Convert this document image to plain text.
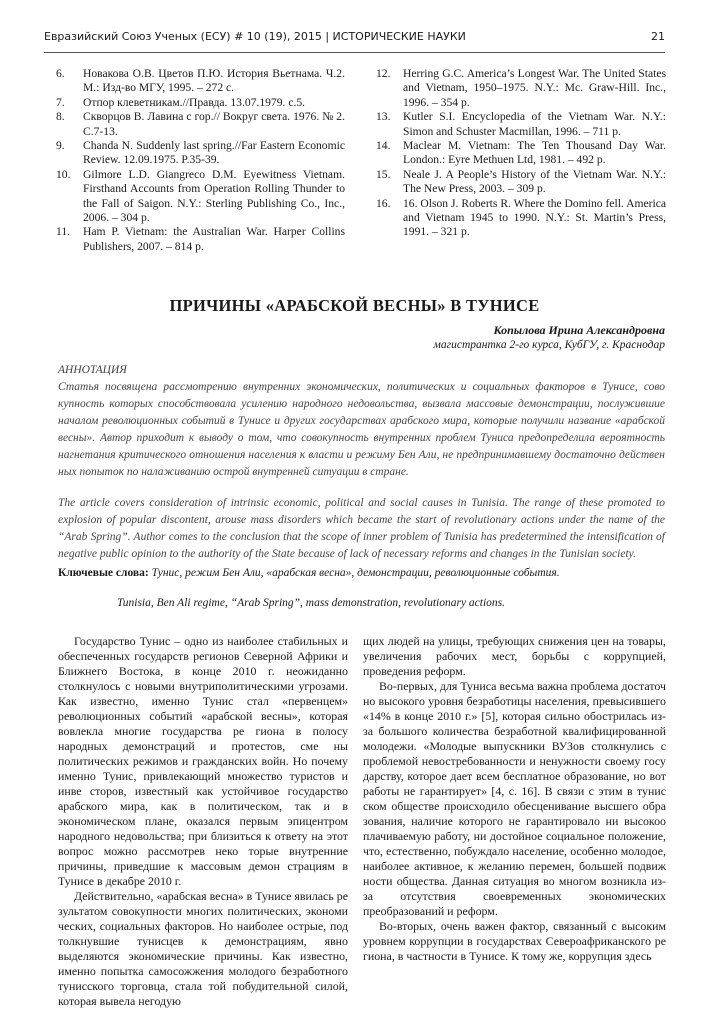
Евразийский Союз Ученых (ЕСУ) # 10 (19), 2015 | ИСТОРИЧЕСКИЕ НАУКИ	21
6.	Новакова О.В. Цветов П.Ю. История Вьетнама. Ч.2. М.: Изд-во МГУ, 1995. – 272 с.
7.	Отпор клеветникам.//Правда. 13.07.1979. с.5.
8.	Скворцов В. Лавина с гор.// Вокруг света. 1976. № 2. С.7-13.
9.	Chanda N. Suddenly last spring.//Far Eastern Economic Review. 12.09.1975. P.35-39.
10.	Gilmore L.D. Giangreco D.M. Eyewitness Vietnam. Firsthand Accounts from Operation Rolling Thunder to the Fall of Saigon. N.Y.: Sterling Publishing Co., Inc., 2006. – 304 p.
11.	Ham P. Vietnam: the Australian War. Harper Collins Publishers, 2007. – 814 p.
12.	Herring G.C. America’s Longest War. The United States and Vietnam, 1950–1975. N.Y.: Mc. Graw-Hill. Inc., 1996. – 354 p.
13.	Kutler S.I. Encyclopedia of the Vietnam War. N.Y.: Simon and Schuster Macmillan, 1996. – 711 p.
14.	Maclear M. Vietnam: The Ten Thousand Day War. London.: Eyre Methuen Ltd, 1981. – 492 p.
15.	Neale J. A People’s History of the Vietnam War. N.Y.: The New Press, 2003. – 309 p.
16.	16. Olson J. Roberts R. Where the Domino fell. America and Vietnam 1945 to 1990. N.Y.: St. Martin’s Press, 1991. – 321 p.
ПРИЧИНЫ «АРАБСКОЙ ВЕСНЫ» В ТУНИСЕ
Копылова Ирина Александровна
магистрантка 2-го курса, КубГУ, г. Краснодар
АННОТАЦИЯ
Статья посвящена рассмотрению внутренних экономических, политических и социальных факторов в Тунисе, сово купность которых способствовала усилению народного недовольства, вызвала массовые демонстрации, послужившие началом революционных событий в Тунисе и других государствах арабского мира, которые получили название «арабской весны». Автор приходит к выводу о том, что совокупность внутренних проблем Туниса предопределила вероятность нагнетания критического отношения населения к власти и режиму Бен Али, не предпринимавшему достаточно действен ных попыток по налаживанию острой внутренней ситуации в стране.
The article covers consideration of intrinsic economic, political and social causes in Tunisia. The range of these promoted to explosion of popular discontent, arouse mass disorders which became the start of revolutionary actions under the name of the “Arab Spring”. Author comes to the conclusion that the scope of inner problem of Tunisia has predetermined the intensification of negative public opinion to the authority of the State because of lack of necessary reforms and changes in the Tunisian society.
Ключевые слова: Тунис, режим Бен Али, «арабская весна», демонстрации, революционные события.
Tunisia, Ben Ali regime, “Arab Spring”, mass demonstration, revolutionary actions.

Государство Тунис – одно из наиболее стабильных и обеспеченных государств регионов Северной Африки и Ближнего Востока, в конце 2010 г. неожиданно столкнулось с новыми внутриполитическими угрозами. Как известно, именно Тунис стал «первенцем» революционных событий «арабской весны», которая вовлекла многие государства ре гиона в полосу народных демонстраций и протестов, сме ны политических режимов и гражданских войн. Но почему именно Тунис, привлекающий множество туристов и инве сторов, известный как устойчивое государство арабского мира, как в политическом, так и в экономическом плане, оказался первым эпицентром народного недовольства; при близиться к ответу на этот вопрос можно рассмотрев неко торые внутренние причины, приведшие к массовым демон страциям в Тунисе в декабре 2010 г.

Действительно, «арабская весна» в Тунисе явилась ре зультатом совокупности многих политических, экономи ческих, социальных факторов. Но наиболее острые, под толкнувшие тунисцев к демонстрациям, явно выделяются экономические причины. Как известно, именно попытка самосожжения молодого безработного тунисского торговца, стала той побудительной силой, которая вывела негодую

щих людей на улицы, требующих снижения цен на товары, увеличения рабочих мест, борьбы с коррупцией, проведения реформ.

Во-первых, для Туниса весьма важна проблема достаточ но высокого уровня безработицы населения, превысившего «14% в конце 2010 г.» [5], которая сильно обострилась из-за большого количества безработной квалифицированной молодежи. «Молодые выпускники ВУЗов столкнулись с проблемой невостребованности и ненужности своему госу дарству, которое дает всем бесплатное образование, но вот работы не гарантирует» [4, с. 16]. В связи с этим в тунис ском обществе происходило обесценивание высшего обра зования, наличие которого не гарантировало ни высокоо плачиваемую работу, ни достойное социальное положение, что, естественно, побуждало население, особенно молодое, наиболее активное, к желанию перемен, большей подвиж ности общества. Данная ситуация во многом возникла из-за отсутствия своевременных экономических преобразований и реформ.

Во-вторых, очень важен фактор, связанный с высоким уровнем коррупции в государствах Североафриканского ре гиона, в частности в Тунисе. К тому же, коррупция здесь
